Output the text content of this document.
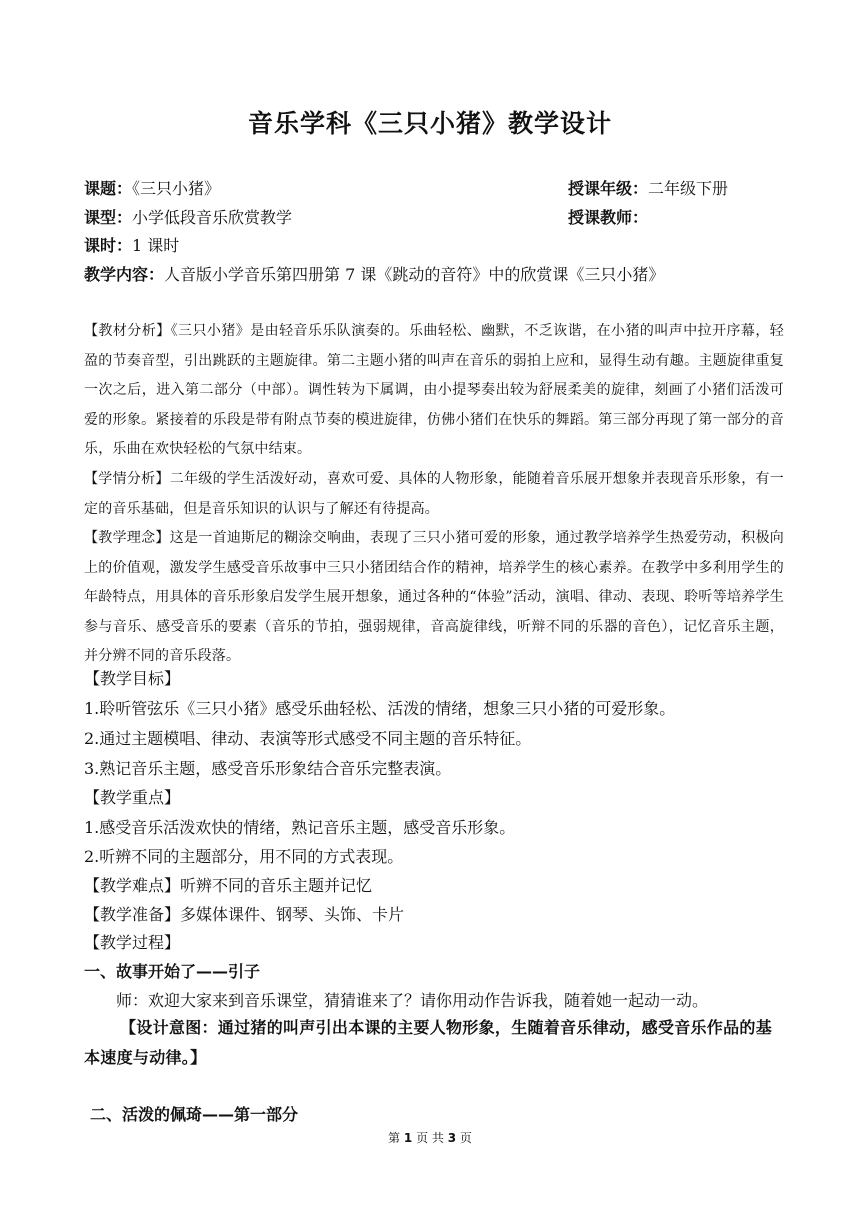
音乐学科《三只小猪》教学设计
课题：《三只小猪》	授课年级：二年级下册
课型：小学低段音乐欣赏教学	授课教师：
课时：1 课时
教学内容：人音版小学音乐第四册第 7 课《跳动的音符》中的欣赏课《三只小猪》
【教材分析】《三只小猪》是由轻音乐乐队演奏的。乐曲轻松、幽默，不乏诙谐，在小猪的叫声中拉开序幕，轻盈的节奏音型，引出跳跃的主题旋律。第二主题小猪的叫声在音乐的弱拍上应和，显得生动有趣。主题旋律重复一次之后，进入第二部分（中部）。调性转为下属调，由小提琴奏出较为舒展柔美的旋律，刻画了小猪们活泼可爱的形象。紧接着的乐段是带有附点节奏的模进旋律，仿佛小猪们在快乐的舞蹈。第三部分再现了第一部分的音乐，乐曲在欢快轻松的气氛中结束。
【学情分析】二年级的学生活泼好动，喜欢可爱、具体的人物形象，能随着音乐展开想象并表现音乐形象，有一定的音乐基础，但是音乐知识的认识与了解还有待提高。
【教学理念】这是一首迪斯尼的糊涂交响曲，表现了三只小猪可爱的形象，通过教学培养学生热爱劳动，积极向上的价值观，激发学生感受音乐故事中三只小猪团结合作的精神，培养学生的核心素养。在教学中多利用学生的年龄特点，用具体的音乐形象启发学生展开想象，通过各种的“体验”活动，演唱、律动、表现、聆听等培养学生参与音乐、感受音乐的要素（音乐的节拍，强弱规律，音高旋律线，听辩不同的乐器的音色），记忆音乐主题，并分辨不同的音乐段落。
【教学目标】
1.聆听管弦乐《三只小猪》感受乐曲轻松、活泼的情绪，想象三只小猪的可爱形象。
2.通过主题模唱、律动、表演等形式感受不同主题的音乐特征。
3.熟记音乐主题，感受音乐形象结合音乐完整表演。
【教学重点】
1.感受音乐活泼欢快的情绪，熟记音乐主题，感受音乐形象。
2.听辨不同的主题部分，用不同的方式表现。
【教学难点】听辨不同的音乐主题并记忆
【教学准备】多媒体课件、钢琴、头饰、卡片
【教学过程】
一、故事开始了——引子
师：欢迎大家来到音乐课堂，猜猜谁来了？请你用动作告诉我，随着她一起动一动。
【设计意图：通过猪的叫声引出本课的主要人物形象，生随着音乐律动，感受音乐作品的基本速度与动律。】
二、活泼的佩琦——第一部分
第 1 页 共 3 页
